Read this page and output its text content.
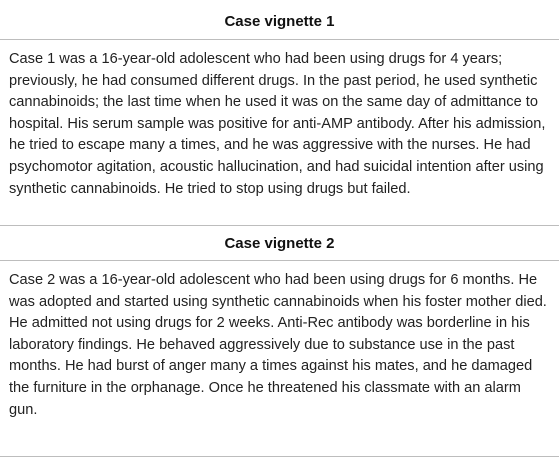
Case vignette 1
Case 1 was a 16-year-old adolescent who had been using drugs for 4 years; previously, he had consumed different drugs. In the past period, he used synthetic cannabinoids; the last time when he used it was on the same day of admittance to hospital. His serum sample was positive for anti-AMP antibody. After his admission, he tried to escape many a times, and he was aggressive with the nurses. He had psychomotor agitation, acoustic hallucination, and had suicidal intention after using synthetic cannabinoids. He tried to stop using drugs but failed.
Case vignette 2
Case 2 was a 16-year-old adolescent who had been using drugs for 6 months. He was adopted and started using synthetic cannabinoids when his foster mother died. He admitted not using drugs for 2 weeks. Anti-Rec antibody was borderline in his laboratory findings. He behaved aggressively due to substance use in the past months. He had burst of anger many a times against his mates, and he damaged the furniture in the orphanage. Once he threatened his classmate with an alarm gun.
